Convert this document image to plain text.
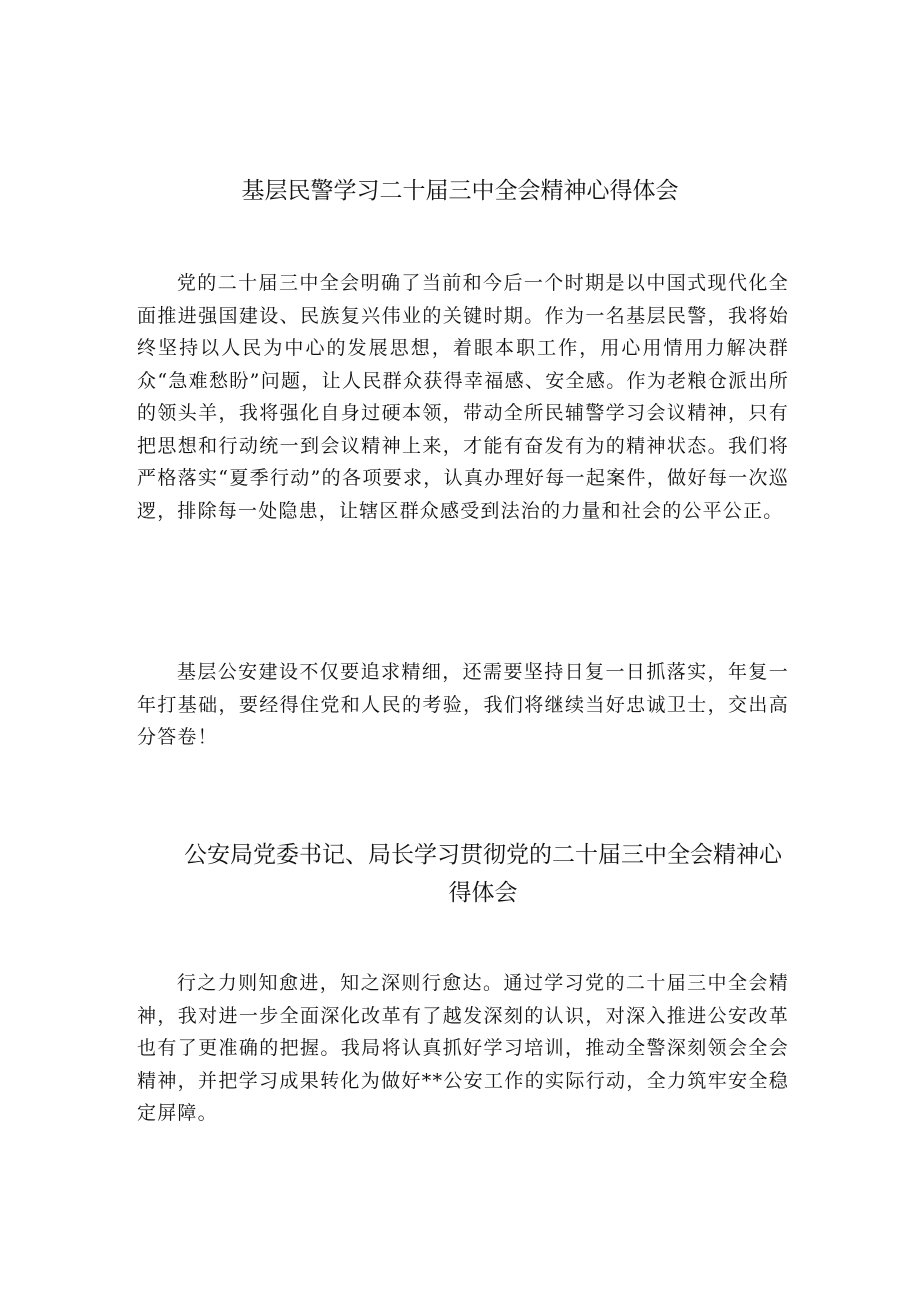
基层民警学习二十届三中全会精神心得体会

党的二十届三中全会明确了当前和今后一个时期是以中国式现代化全面推进强国建设、民族复兴伟业的关键时期。作为一名基层民警，我将始终坚持以人民为中心的发展思想，着眼本职工作，用心用情用力解决群众“急难愁盼”问题，让人民群众获得幸福感、安全感。作为老粮仓派出所的领头羊，我将强化自身过硬本领，带动全所民辅警学习会议精神，只有把思想和行动统一到会议精神上来，才能有奋发有为的精神状态。我们将严格落实“夏季行动”的各项要求，认真办理好每一起案件，做好每一次巡逻，排除每一处隐患，让辖区群众感受到法治的力量和社会的公平公正。

基层公安建设不仅要追求精细，还需要坚持日复一日抓落实，年复一年打基础，要经得住党和人民的考验，我们将继续当好忠诚卫士，交出高分答卷！

公安局党委书记、局长学习贯彻党的二十届三中全会精神心
得体会

行之力则知愈进，知之深则行愈达。通过学习党的二十届三中全会精神，我对进一步全面深化改革有了越发深刻的认识，对深入推进公安改革也有了更准确的把握。我局将认真抓好学习培训，推动全警深刻领会全会精神，并把学习成果转化为做好**公安工作的实际行动，全力筑牢安全稳定屏障。
